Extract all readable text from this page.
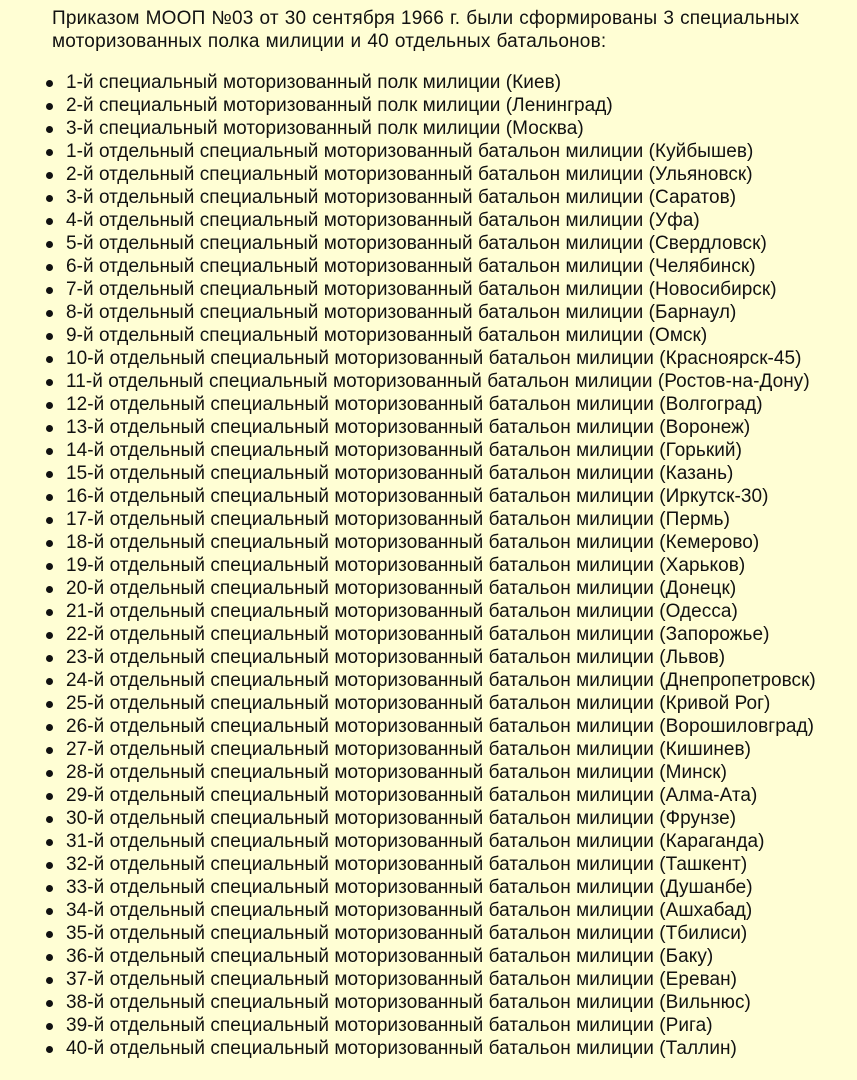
Приказом МООП №03 от 30 сентября 1966 г. были сформированы 3 специальных моторизованных полка милиции и 40 отдельных батальонов:

1-й специальный моторизованный полк милиции (Киев)
2-й специальный моторизованный полк милиции (Ленинград)
3-й специальный моторизованный полк милиции (Москва)
1-й отдельный специальный моторизованный батальон милиции (Куйбышев)
2-й отдельный специальный моторизованный батальон милиции (Ульяновск)
3-й отдельный специальный моторизованный батальон милиции (Саратов)
4-й отдельный специальный моторизованный батальон милиции (Уфа)
5-й отдельный специальный моторизованный батальон милиции (Свердловск)
6-й отдельный специальный моторизованный батальон милиции (Челябинск)
7-й отдельный специальный моторизованный батальон милиции (Новосибирск)
8-й отдельный специальный моторизованный батальон милиции (Барнаул)
9-й отдельный специальный моторизованный батальон милиции (Омск)
10-й отдельный специальный моторизованный батальон милиции (Красноярск-45)
11-й отдельный специальный моторизованный батальон милиции (Ростов-на-Дону)
12-й отдельный специальный моторизованный батальон милиции (Волгоград)
13-й отдельный специальный моторизованный батальон милиции (Воронеж)
14-й отдельный специальный моторизованный батальон милиции (Горький)
15-й отдельный специальный моторизованный батальон милиции (Казань)
16-й отдельный специальный моторизованный батальон милиции (Иркутск-30)
17-й отдельный специальный моторизованный батальон милиции (Пермь)
18-й отдельный специальный моторизованный батальон милиции (Кемерово)
19-й отдельный специальный моторизованный батальон милиции (Харьков)
20-й отдельный специальный моторизованный батальон милиции (Донецк)
21-й отдельный специальный моторизованный батальон милиции (Одесса)
22-й отдельный специальный моторизованный батальон милиции (Запорожье)
23-й отдельный специальный моторизованный батальон милиции (Львов)
24-й отдельный специальный моторизованный батальон милиции (Днепропетровск)
25-й отдельный специальный моторизованный батальон милиции (Кривой Рог)
26-й отдельный специальный моторизованный батальон милиции (Ворошиловград)
27-й отдельный специальный моторизованный батальон милиции (Кишинев)
28-й отдельный специальный моторизованный батальон милиции (Минск)
29-й отдельный специальный моторизованный батальон милиции (Алма-Ата)
30-й отдельный специальный моторизованный батальон милиции (Фрунзе)
31-й отдельный специальный моторизованный батальон милиции (Караганда)
32-й отдельный специальный моторизованный батальон милиции (Ташкент)
33-й отдельный специальный моторизованный батальон милиции (Душанбе)
34-й отдельный специальный моторизованный батальон милиции (Ашхабад)
35-й отдельный специальный моторизованный батальон милиции (Тбилиси)
36-й отдельный специальный моторизованный батальон милиции (Баку)
37-й отдельный специальный моторизованный батальон милиции (Ереван)
38-й отдельный специальный моторизованный батальон милиции (Вильнюс)
39-й отдельный специальный моторизованный батальон милиции (Рига)
40-й отдельный специальный моторизованный батальон милиции (Таллин)
